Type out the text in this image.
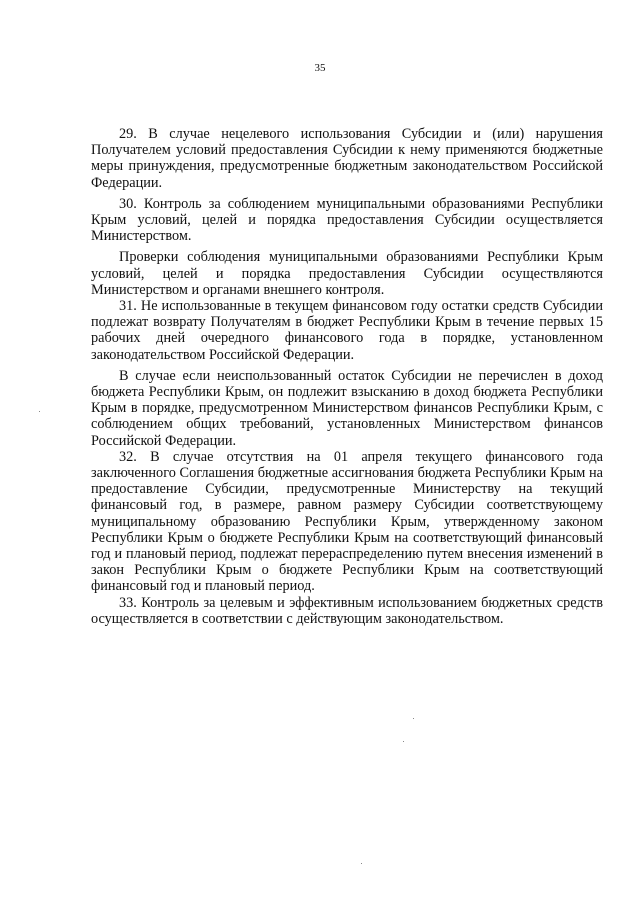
35

29. В случае нецелевого использования Субсидии и (или) нарушения Получателем условий предоставления Субсидии к нему применяются бюджетные меры принуждения, предусмотренные бюджетным законодательством Российской Федерации.

30. Контроль за соблюдением муниципальными образованиями Республики Крым условий, целей и порядка предоставления Субсидии осуществляется Министерством.

Проверки соблюдения муниципальными образованиями Республики Крым условий, целей и порядка предоставления Субсидии осуществляются Министерством и органами внешнего контроля.

31. Не использованные в текущем финансовом году остатки средств Субсидии подлежат возврату Получателям в бюджет Республики Крым в течение первых 15 рабочих дней очередного финансового года в порядке, установленном законодательством Российской Федерации.

В случае если неиспользованный остаток Субсидии не перечислен в доход бюджета Республики Крым, он подлежит взысканию в доход бюджета Республики Крым в порядке, предусмотренном Министерством финансов Республики Крым, с соблюдением общих требований, установленных Министерством финансов Российской Федерации.

32. В случае отсутствия на 01 апреля текущего финансового года заключенного Соглашения бюджетные ассигнования бюджета Республики Крым на предоставление Субсидии, предусмотренные Министерству на текущий финансовый год, в размере, равном размеру Субсидии соответствующему муниципальному образованию Республики Крым, утвержденному законом Республики Крым о бюджете Республики Крым на соответствующий финансовый год и плановый период, подлежат перераспределению путем внесения изменений в закон Республики Крым о бюджете Республики Крым на соответствующий финансовый год и плановый период.

33. Контроль за целевым и эффективным использованием бюджетных средств осуществляется в соответствии с действующим законодательством.
